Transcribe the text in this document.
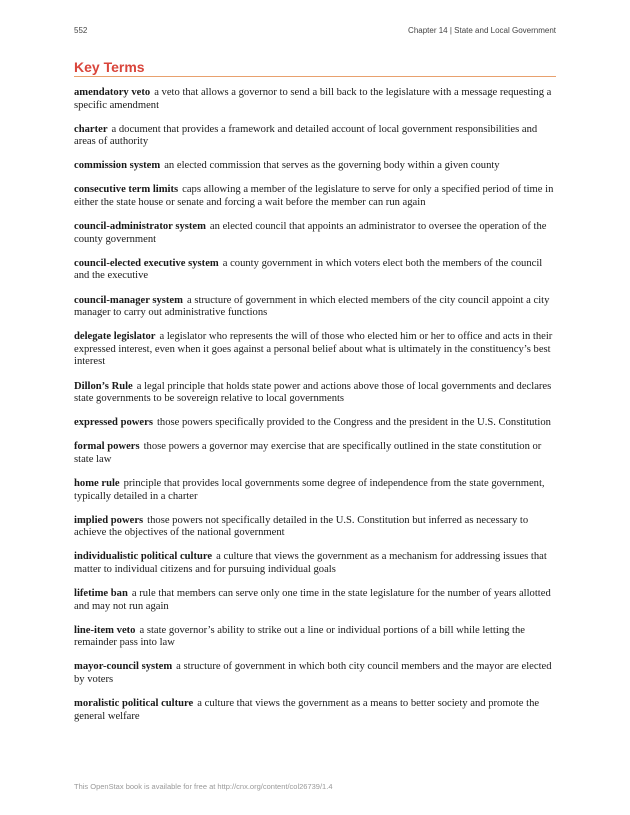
552	Chapter 14 | State and Local Government
Key Terms
amendatory veto a veto that allows a governor to send a bill back to the legislature with a message requesting a specific amendment
charter a document that provides a framework and detailed account of local government responsibilities and areas of authority
commission system an elected commission that serves as the governing body within a given county
consecutive term limits caps allowing a member of the legislature to serve for only a specified period of time in either the state house or senate and forcing a wait before the member can run again
council-administrator system an elected council that appoints an administrator to oversee the operation of the county government
council-elected executive system a county government in which voters elect both the members of the council and the executive
council-manager system a structure of government in which elected members of the city council appoint a city manager to carry out administrative functions
delegate legislator a legislator who represents the will of those who elected him or her to office and acts in their expressed interest, even when it goes against a personal belief about what is ultimately in the constituency’s best interest
Dillon’s Rule a legal principle that holds state power and actions above those of local governments and declares state governments to be sovereign relative to local governments
expressed powers those powers specifically provided to the Congress and the president in the U.S. Constitution
formal powers those powers a governor may exercise that are specifically outlined in the state constitution or state law
home rule principle that provides local governments some degree of independence from the state government, typically detailed in a charter
implied powers those powers not specifically detailed in the U.S. Constitution but inferred as necessary to achieve the objectives of the national government
individualistic political culture a culture that views the government as a mechanism for addressing issues that matter to individual citizens and for pursuing individual goals
lifetime ban a rule that members can serve only one time in the state legislature for the number of years allotted and may not run again
line-item veto a state governor’s ability to strike out a line or individual portions of a bill while letting the remainder pass into law
mayor-council system a structure of government in which both city council members and the mayor are elected by voters
moralistic political culture a culture that views the government as a means to better society and promote the general welfare
This OpenStax book is available for free at http://cnx.org/content/col26739/1.4
